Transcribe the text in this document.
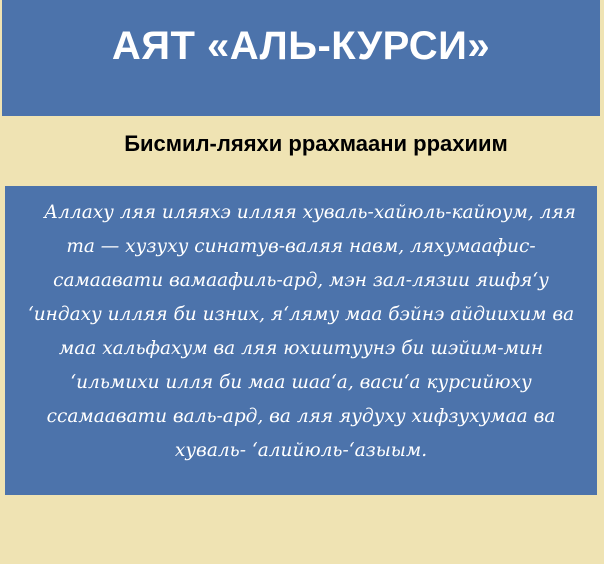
АЯТ «АЛЬ-КУРСИ»
Бисмил-ляяхи ррахмаани ррахиим

Аллаху ляя иляяхэ илляя хуваль-хайюль-кайюум, ляя та — хузуху синатув-валяя навм, ляхумаафис-самаавати вамаафиль-ард, мэн зал-лязии яшфя‘у ‘индаху илляя би изних, я‘ляму маа бэйнэ айдиихим ва маа хальфахум ва ляя юхиитуунэ би шэйим-мин ‘ильмихи илля би маа шаа‘а, васи‘а курсийюху ссамаавати валь-ард, ва ляя яудуху хифзухумаа ва хуваль- ‘алийюль-‘азыым.
